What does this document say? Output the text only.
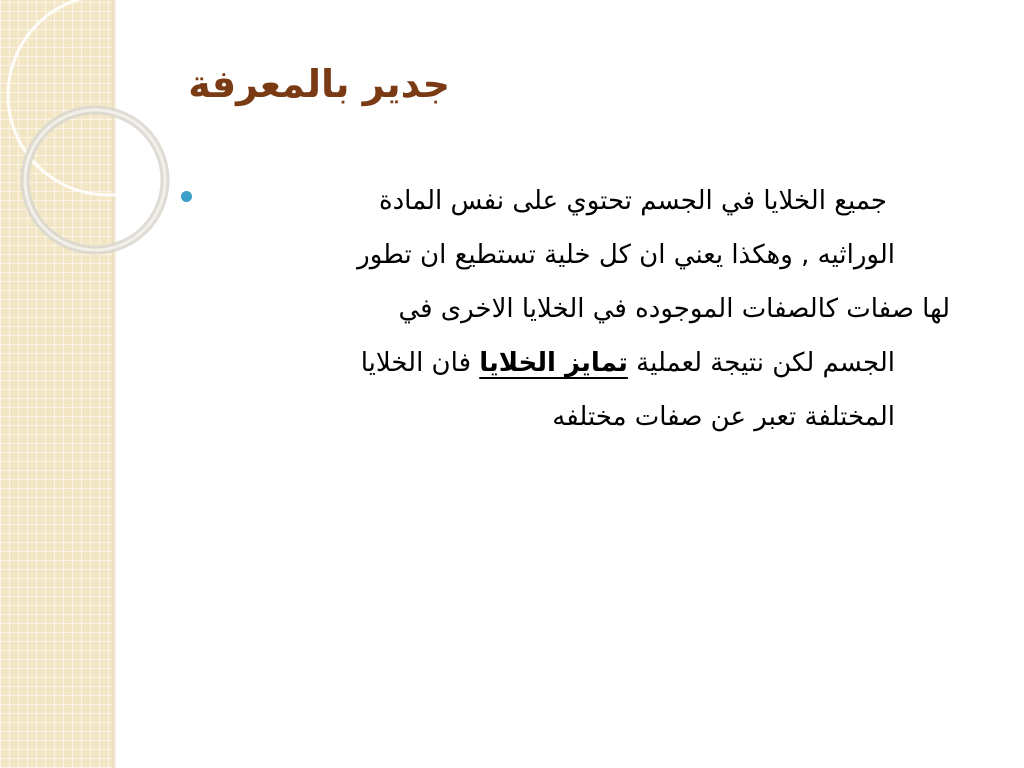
جدير بالمعرفة
جميع الخلايا في الجسم تحتوي على نفس المادة
الوراثيه , وهكذا يعني ان كل خلية تستطيع ان تطور
لها صفات كالصفات الموجوده في الخلايا الاخرى في
الجسم لكن نتيجة لعملية تمايز الخلايا فان الخلايا
المختلفة تعبر عن صفات مختلفه
